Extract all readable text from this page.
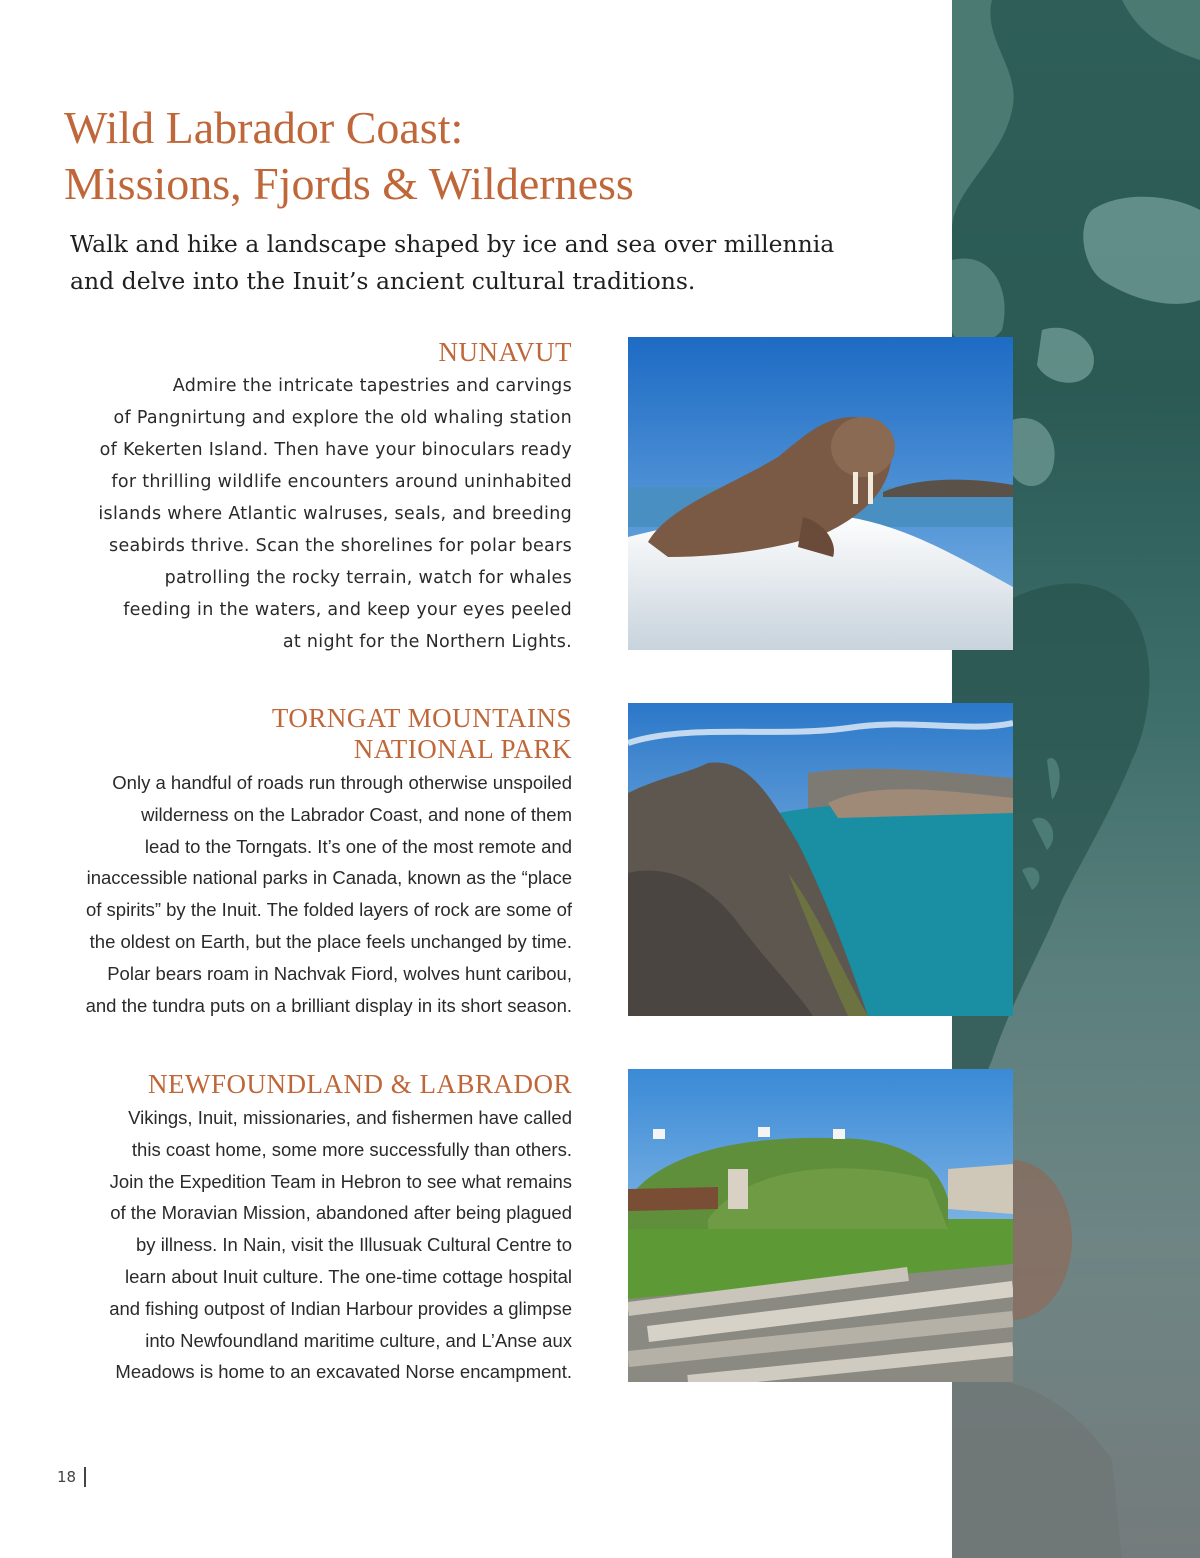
Wild Labrador Coast:
Missions, Fjords & Wilderness

Walk and hike a landscape shaped by ice and sea over millennia
and delve into the Inuit’s ancient cultural traditions.

NUNAVUT
Admire the intricate tapestries and carvings
of Pangnirtung and explore the old whaling station
of Kekerten Island. Then have your binoculars ready
for thrilling wildlife encounters around uninhabited
islands where Atlantic walruses, seals, and breeding
seabirds thrive. Scan the shorelines for polar bears
patrolling the rocky terrain, watch for whales
feeding in the waters, and keep your eyes peeled
at night for the Northern Lights.
TORNGAT MOUNTAINS
NATIONAL PARK
Only a handful of roads run through otherwise unspoiled
wilderness on the Labrador Coast, and none of them
lead to the Torngats. It’s one of the most remote and
inaccessible national parks in Canada, known as the “place
of spirits” by the Inuit. The folded layers of rock are some of
the oldest on Earth, but the place feels unchanged by time.
Polar bears roam in Nachvak Fiord, wolves hunt caribou,
and the tundra puts on a brilliant display in its short season.
NEWFOUNDLAND & LABRADOR
Vikings, Inuit, missionaries, and fishermen have called
this coast home, some more successfully than others.
Join the Expedition Team in Hebron to see what remains
of the Moravian Mission, abandoned after being plagued
by illness. In Nain, visit the Illusuak Cultural Centre to
learn about Inuit culture. The one-time cottage hospital
and fishing outpost of Indian Harbour provides a glimpse
into Newfoundland maritime culture, and L’Anse aux
Meadows is home to an excavated Norse encampment.
18
